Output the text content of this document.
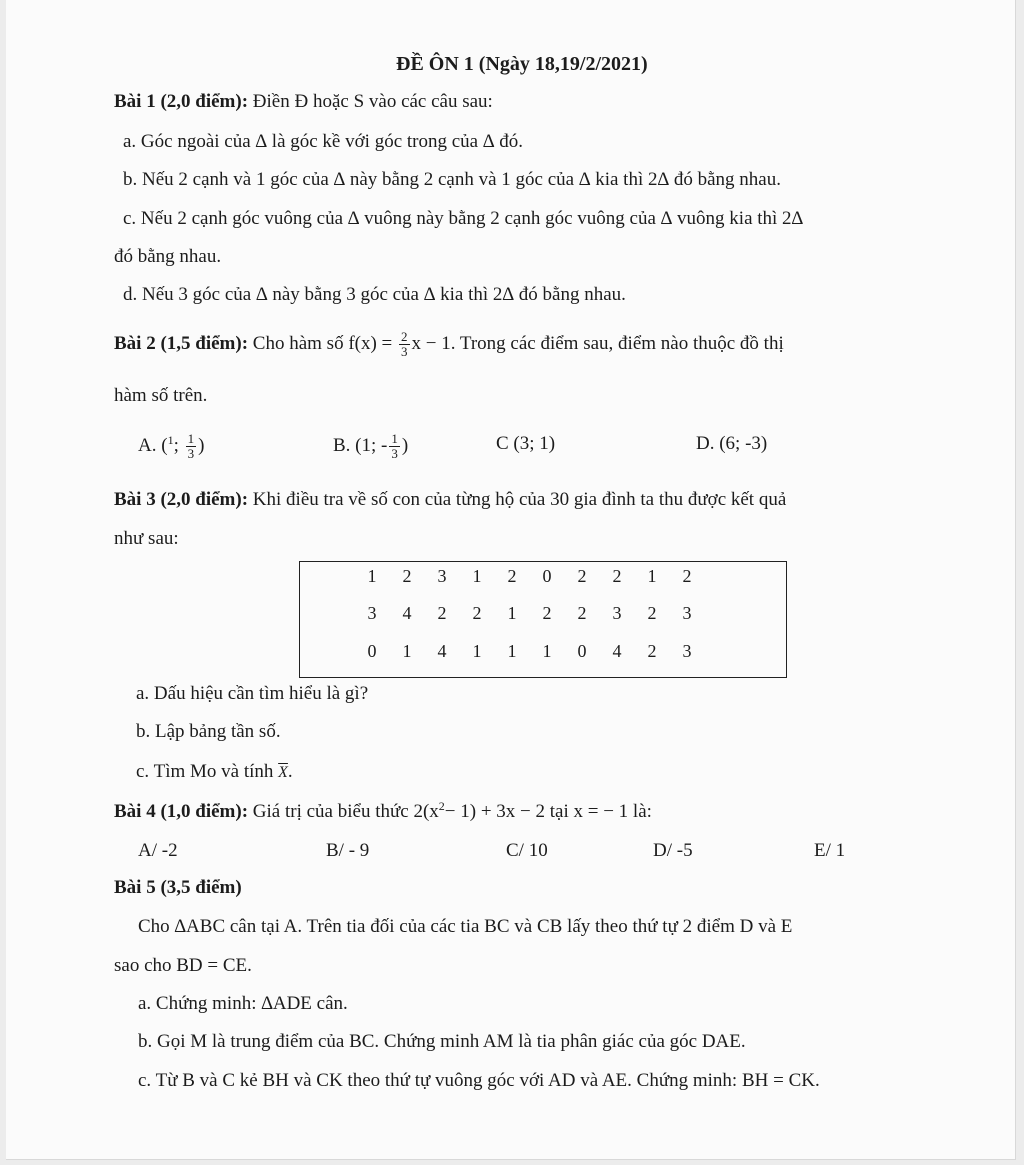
ĐỀ ÔN 1 (Ngày 18,19/2/2021)
Bài 1 (2,0 điểm): Điền Đ hoặc S vào các câu sau:
a. Góc ngoài của ∆ là góc kề với góc trong của ∆ đó.
b. Nếu 2 cạnh và 1 góc của ∆ này bằng 2 cạnh và 1 góc của ∆ kia thì 2∆ đó bằng nhau.
c. Nếu 2 cạnh góc vuông của ∆ vuông này bằng 2 cạnh góc vuông của ∆ vuông kia thì 2∆
đó bằng nhau.
d. Nếu 3 góc của ∆ này bằng 3 góc của ∆ kia thì 2∆ đó bằng nhau.
Bài 2 (1,5 điểm): Cho hàm số $f(x) = \frac{2}{3}$ x − 1. Trong các điểm sau, điểm nào thuộc đồ thị
hàm số trên.
A. ($^1$; $\frac{1}{3}$ )	B. (1; - $\frac{1}{3}$ )	C (3; 1)	D. (6; -3)
Bài 3 (2,0 điểm): Khi điều tra về số con của từng hộ của 30 gia đình ta thu được kết quả
như sau:
1	2	3	1	2	0	2	2	1	2
3	4	2	2	1	2	2	3	2	3
0	1	4	1	1	1	0	4	2	3
a. Dấu hiệu cần tìm hiểu là gì?
b. Lập bảng tần số.
c. Tìm Mo và tính $\overline{X}$.
Bài 4 (1,0 điểm): Giá trị của biểu thức $2(x^2- 1) + 3x - 2$ tại x = − 1 là:
A/ -2	B/ - 9	C/ 10	D/ -5	E/ 1
Bài 5 (3,5 điểm)
Cho ∆ABC cân tại A. Trên tia đối của các tia BC và CB lấy theo thứ tự 2 điểm D và E
sao cho BD = CE.
a. Chứng minh: ∆ADE cân.
b. Gọi M là trung điểm của BC. Chứng minh AM là tia phân giác của góc DAE.
c. Từ B và C kẻ BH và CK theo thứ tự vuông góc với AD và AE. Chứng minh: BH = CK.
